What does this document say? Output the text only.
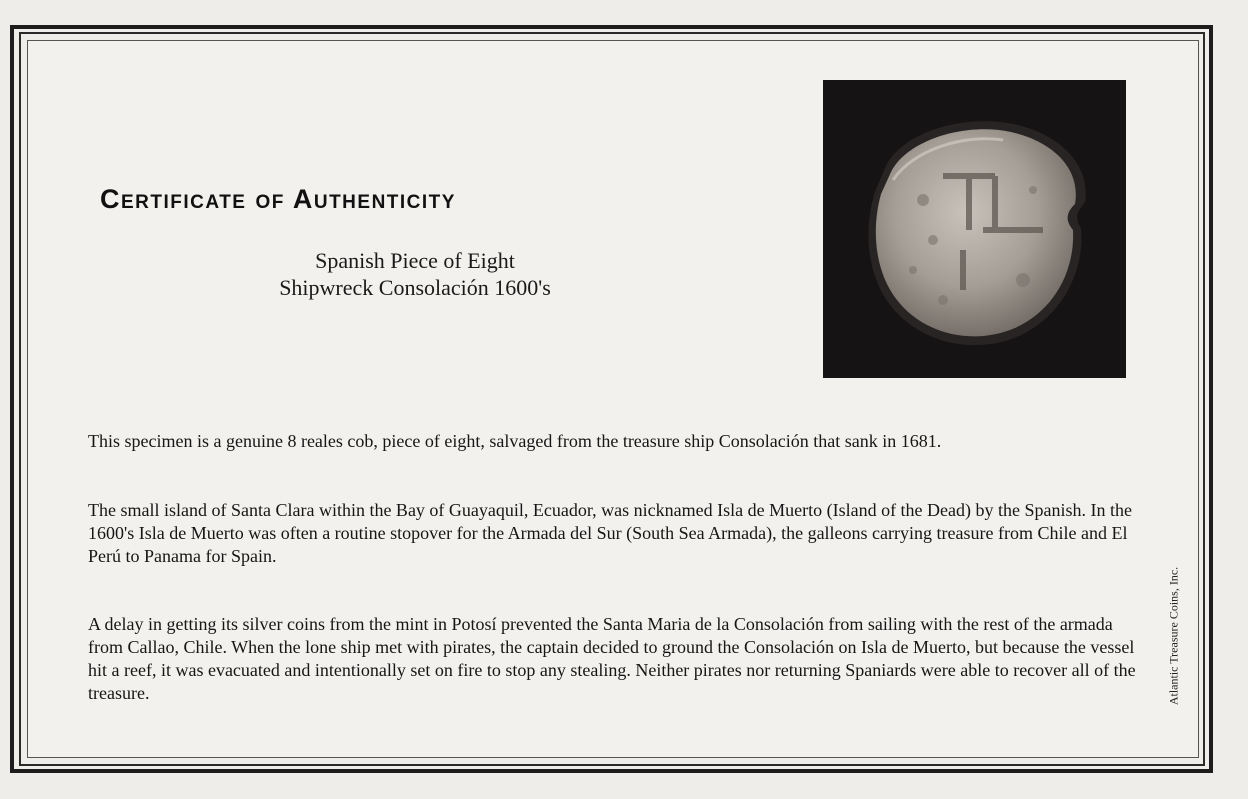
Certificate of Authenticity
Spanish Piece of Eight
Shipwreck Consolación 1600's
This specimen is a genuine 8 reales cob, piece of eight, salvaged from the treasure ship Consolación that sank in 1681.
The small island of Santa Clara within the Bay of Guayaquil, Ecuador, was nicknamed Isla de Muerto (Island of the Dead) by the Spanish. In the 1600's Isla de Muerto was often a routine stopover for the Armada del Sur (South Sea Armada), the galleons carrying treasure from Chile and El Perú to Panama for Spain.
A delay in getting its silver coins from the mint in Potosí prevented the Santa Maria de la Consolación from sailing with the rest of the armada from Callao, Chile. When the lone ship met with pirates, the captain decided to ground the Consolación on Isla de Muerto, but because the vessel hit a reef, it was evacuated and intentionally set on fire to stop any stealing. Neither pirates nor returning Spaniards were able to recover all of the treasure.	Atlantic Treasure Coins, Inc.
